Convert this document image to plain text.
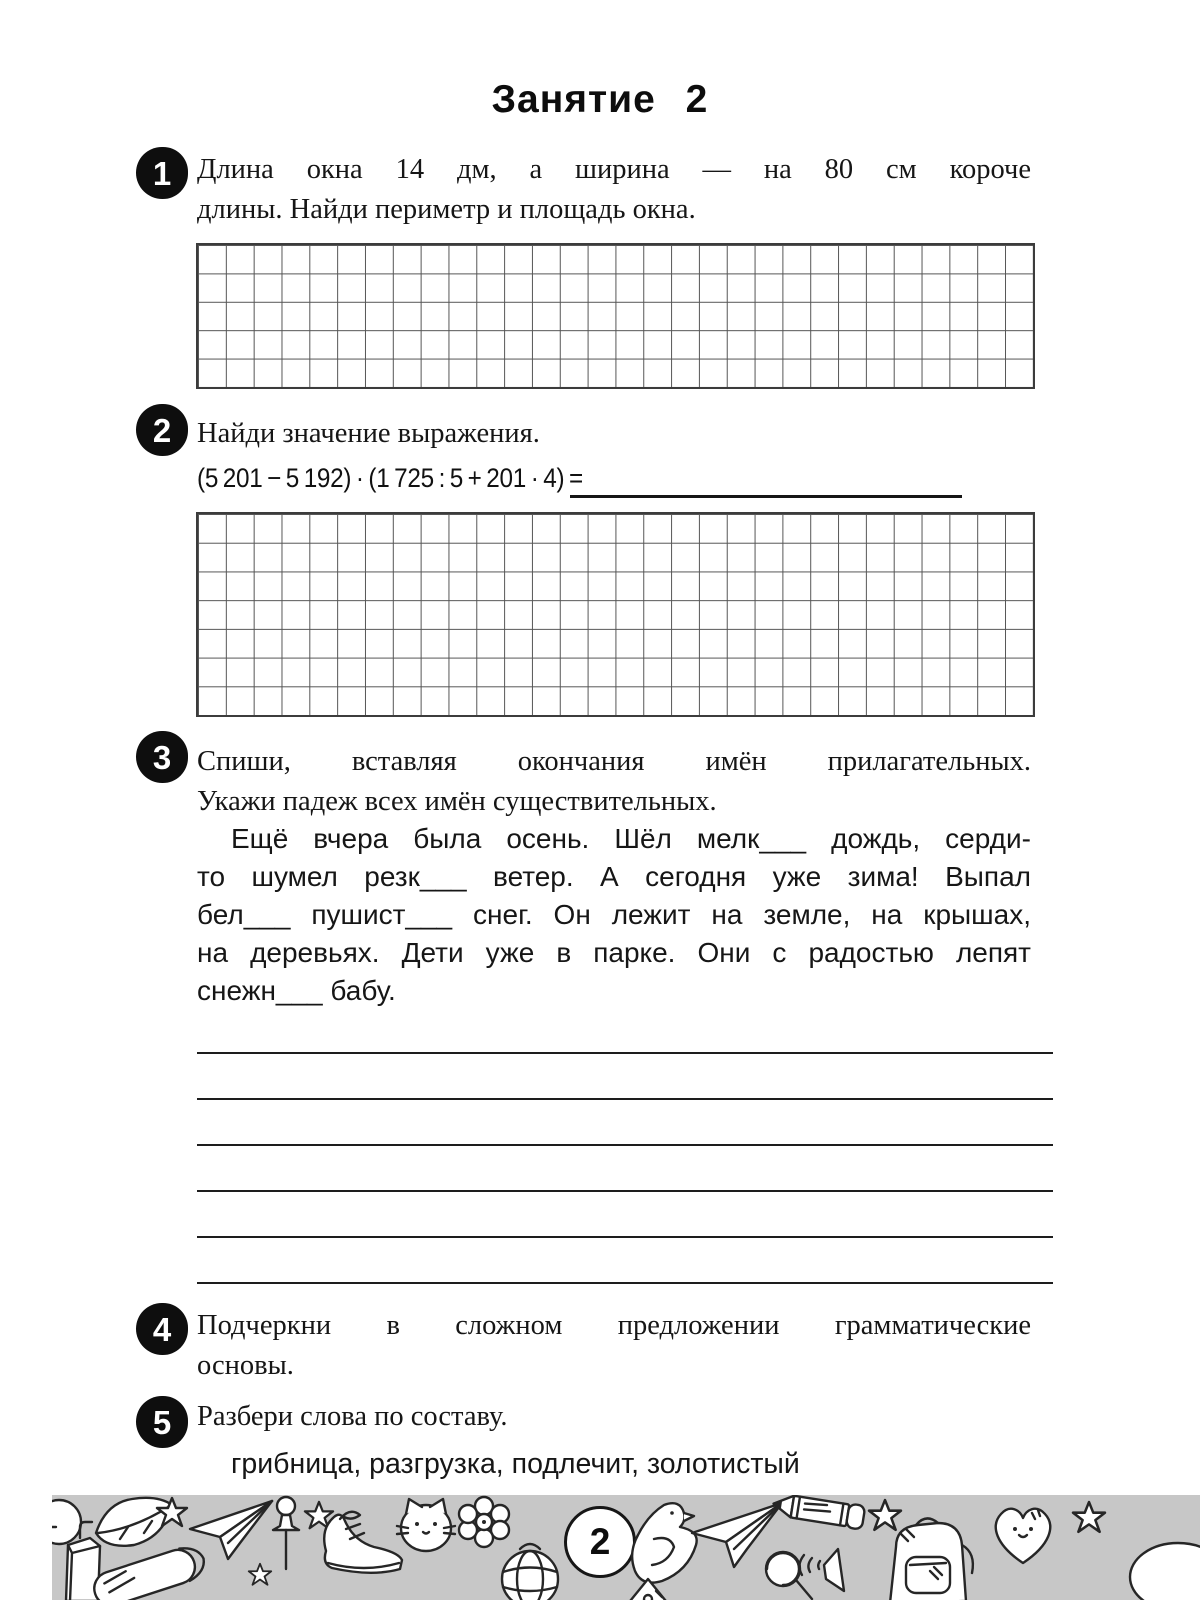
Занятие 2
1 Длина окна 14 дм, а ширина — на 80 см короче
длины. Найди периметр и площадь окна.
2 Найди значение выражения.
(5 201 − 5 192) · (1 725 : 5 + 201 · 4) =
3 Спиши, вставляя окончания имён прилагательных.
Укажи падеж всех имён существительных.
Ещё вчера была осень. Шёл мелк___ дождь, серди-
то шумел резк___ ветер. А сегодня уже зима! Выпал
бел___ пушист___ снег. Он лежит на земле, на крышах,
на деревьях. Дети уже в парке. Они с радостью лепят
снежн___ бабу.
4 Подчеркни в сложном предложении грамматические
основы.
5 Разбери слова по составу.
грибница, разгрузка, подлечит, золотистый
2
